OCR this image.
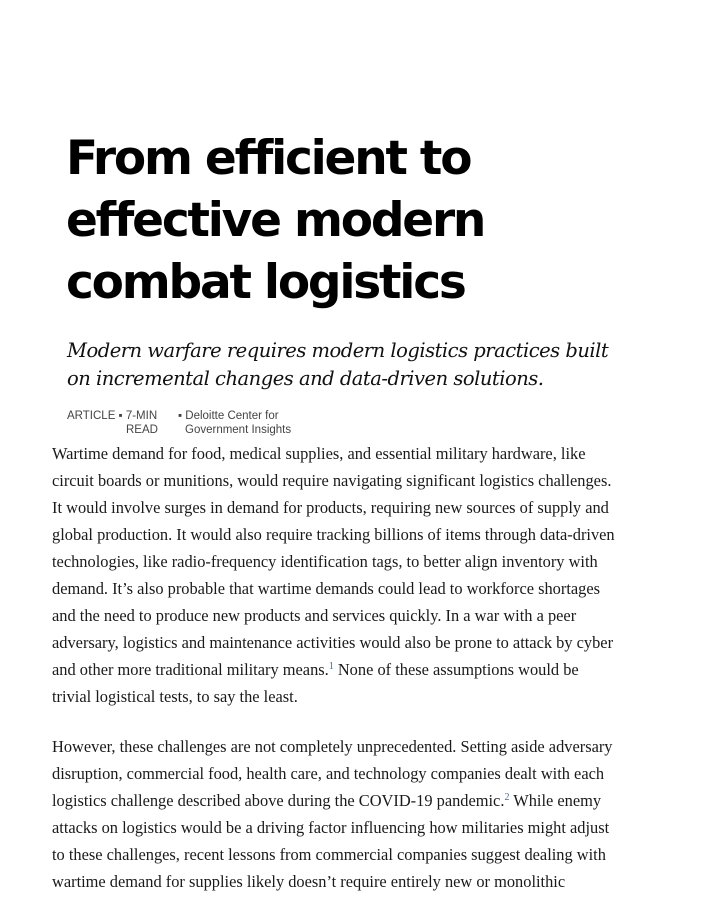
From efficient to
effective modern
combat logistics
Modern warfare requires modern logistics practices built
on incremental changes and data-driven solutions.
ARTICLE ▪ 7-MIN
READ
▪ Deloitte Center for
Government Insights

Wartime demand for food, medical supplies, and essential military hardware, like
circuit boards or munitions, would require navigating significant logistics challenges.
It would involve surges in demand for products, requiring new sources of supply and
global production. It would also require tracking billions of items through data-driven
technologies, like radio-frequency identification tags, to better align inventory with
demand. It’s also probable that wartime demands could lead to workforce shortages
and the need to produce new products and services quickly. In a war with a peer
adversary, logistics and maintenance activities would also be prone to attack by cyber
and other more traditional military means.$^1$ None of these assumptions would be
trivial logistical tests, to say the least.

However, these challenges are not completely unprecedented. Setting aside adversary
disruption, commercial food, health care, and technology companies dealt with each
logistics challenge described above during the COVID-19 pandemic.$^2$ While enemy
attacks on logistics would be a driving factor influencing how militaries might adjust
to these challenges, recent lessons from commercial companies suggest dealing with
wartime demand for supplies likely doesn’t require entirely new or monolithic
